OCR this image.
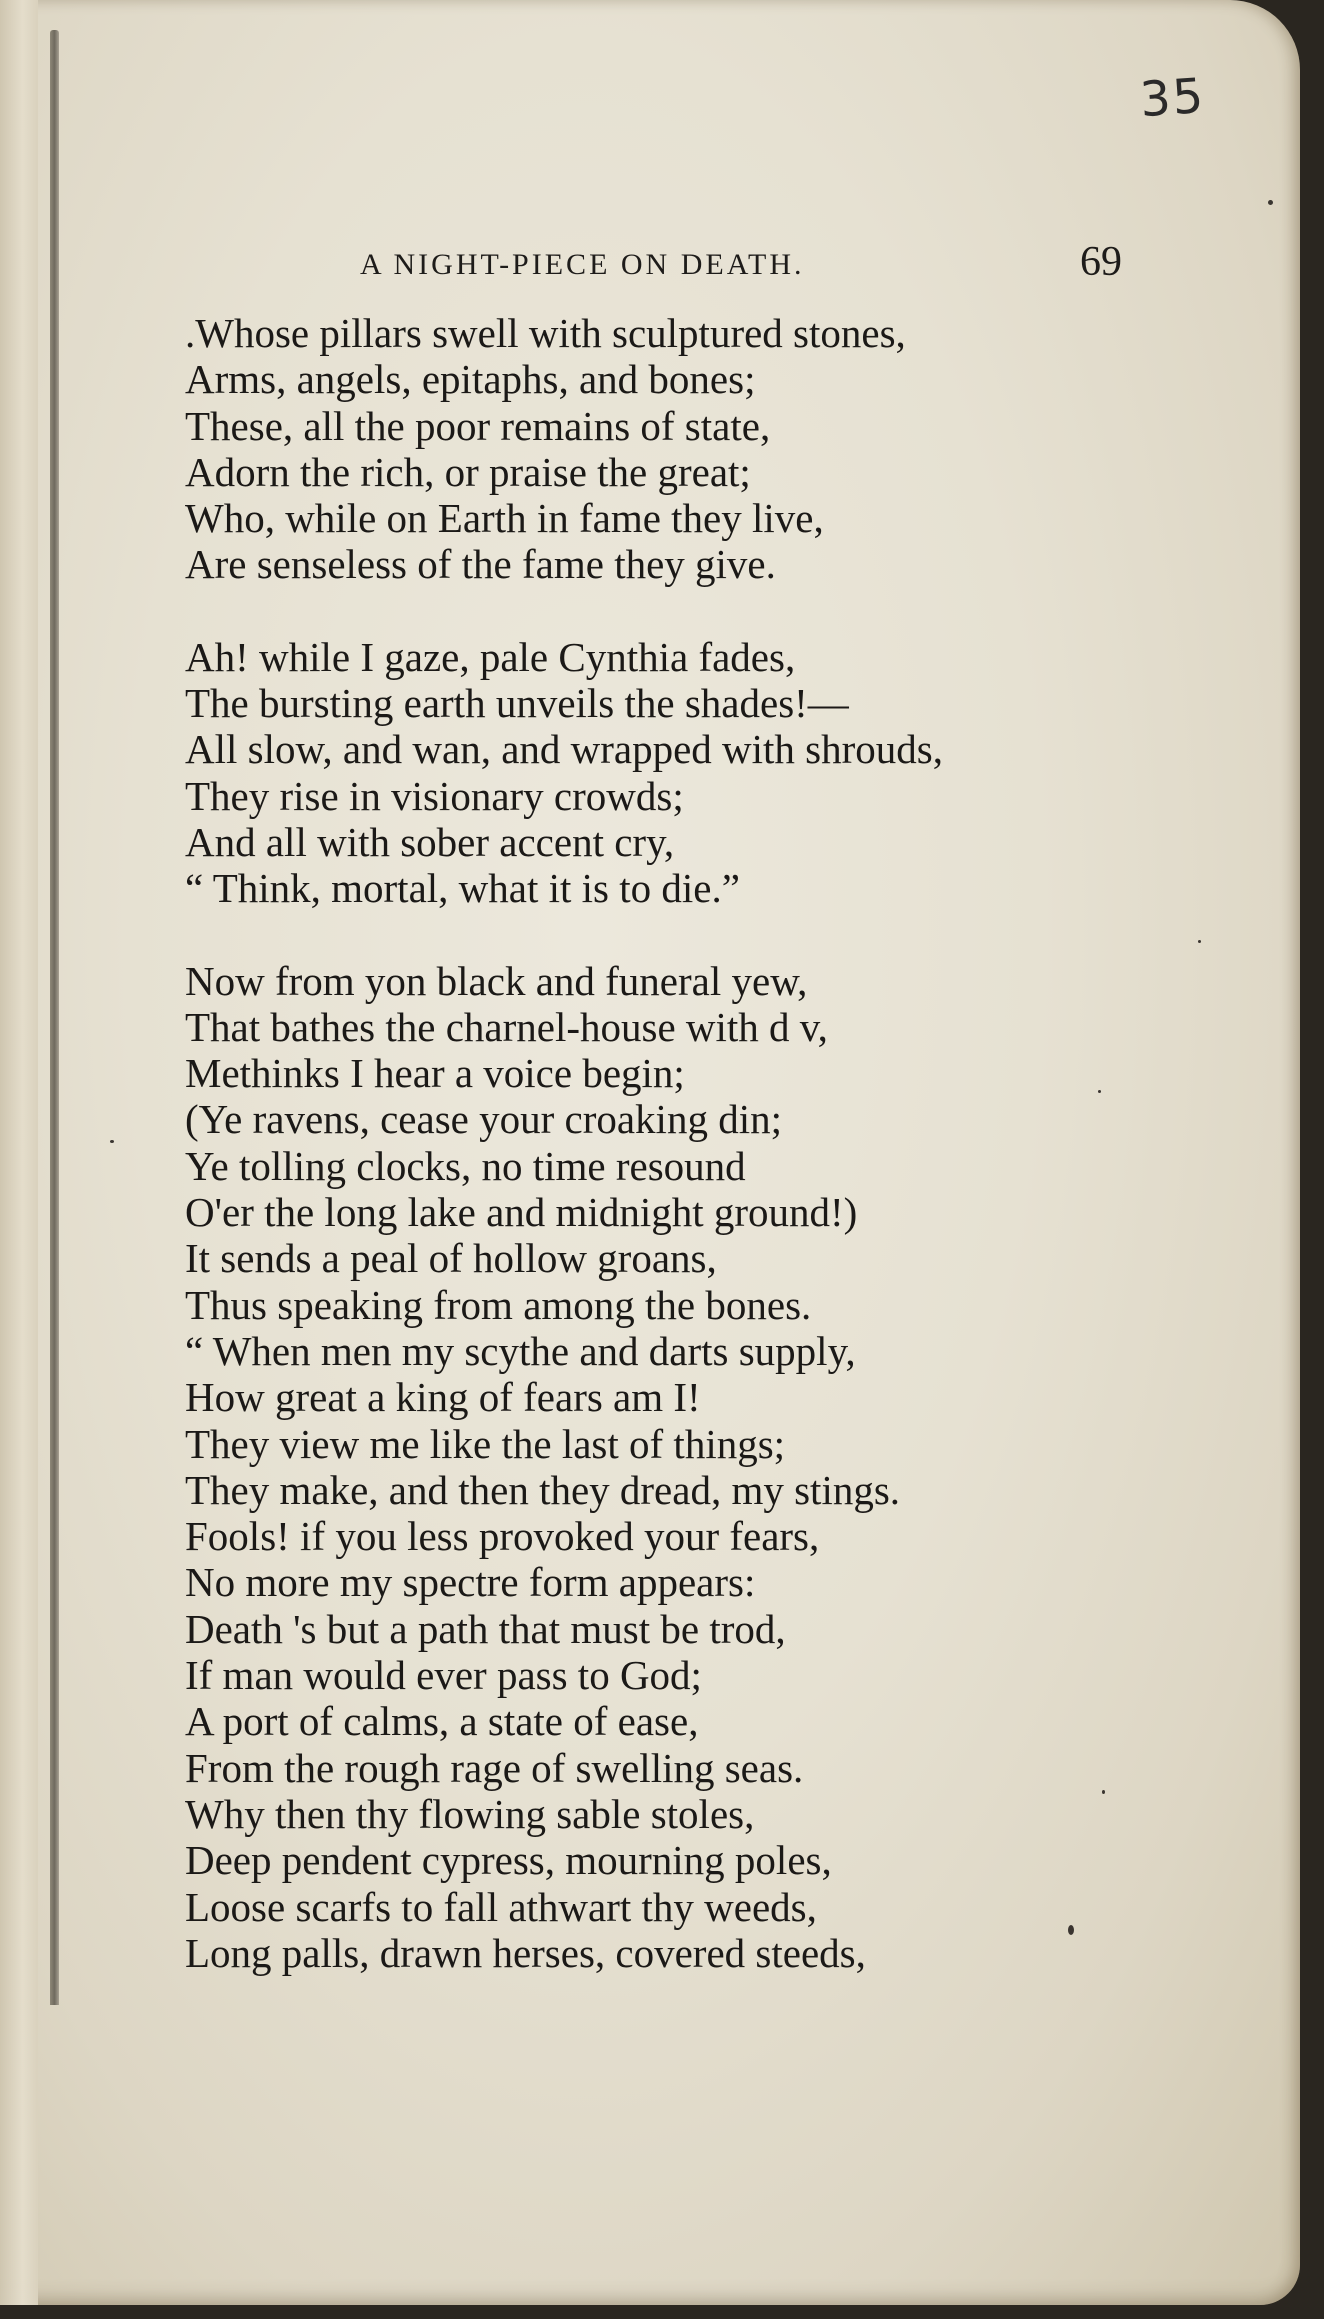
35
A NIGHT-PIECE ON DEATH.	69
.Whose pillars swell with sculptured stones,
Arms, angels, epitaphs, and bones;
These, all the poor remains of state,
Adorn the rich, or praise the great;
Who, while on Earth in fame they live,
Are senseless of the fame they give.
Ah! while I gaze, pale Cynthia fades,
The bursting earth unveils the shades!—
All slow, and wan, and wrapped with shrouds,
They rise in visionary crowds;
And all with sober accent cry,
“ Think, mortal, what it is to die.”
Now from yon black and funeral yew,
That bathes the charnel-house with d v,
Methinks I hear a voice begin;
(Ye ravens, cease your croaking din;
Ye tolling clocks, no time resound
O'er the long lake and midnight ground!)
It sends a peal of hollow groans,
Thus speaking from among the bones.
“ When men my scythe and darts supply,
How great a king of fears am I!
They view me like the last of things;
They make, and then they dread, my stings.
Fools! if you less provoked your fears,
No more my spectre form appears:
Death 's but a path that must be trod,
If man would ever pass to God;
A port of calms, a state of ease,
From the rough rage of swelling seas.
Why then thy flowing sable stoles,
Deep pendent cypress, mourning poles,
Loose scarfs to fall athwart thy weeds,
Long palls, drawn herses, covered steeds,
